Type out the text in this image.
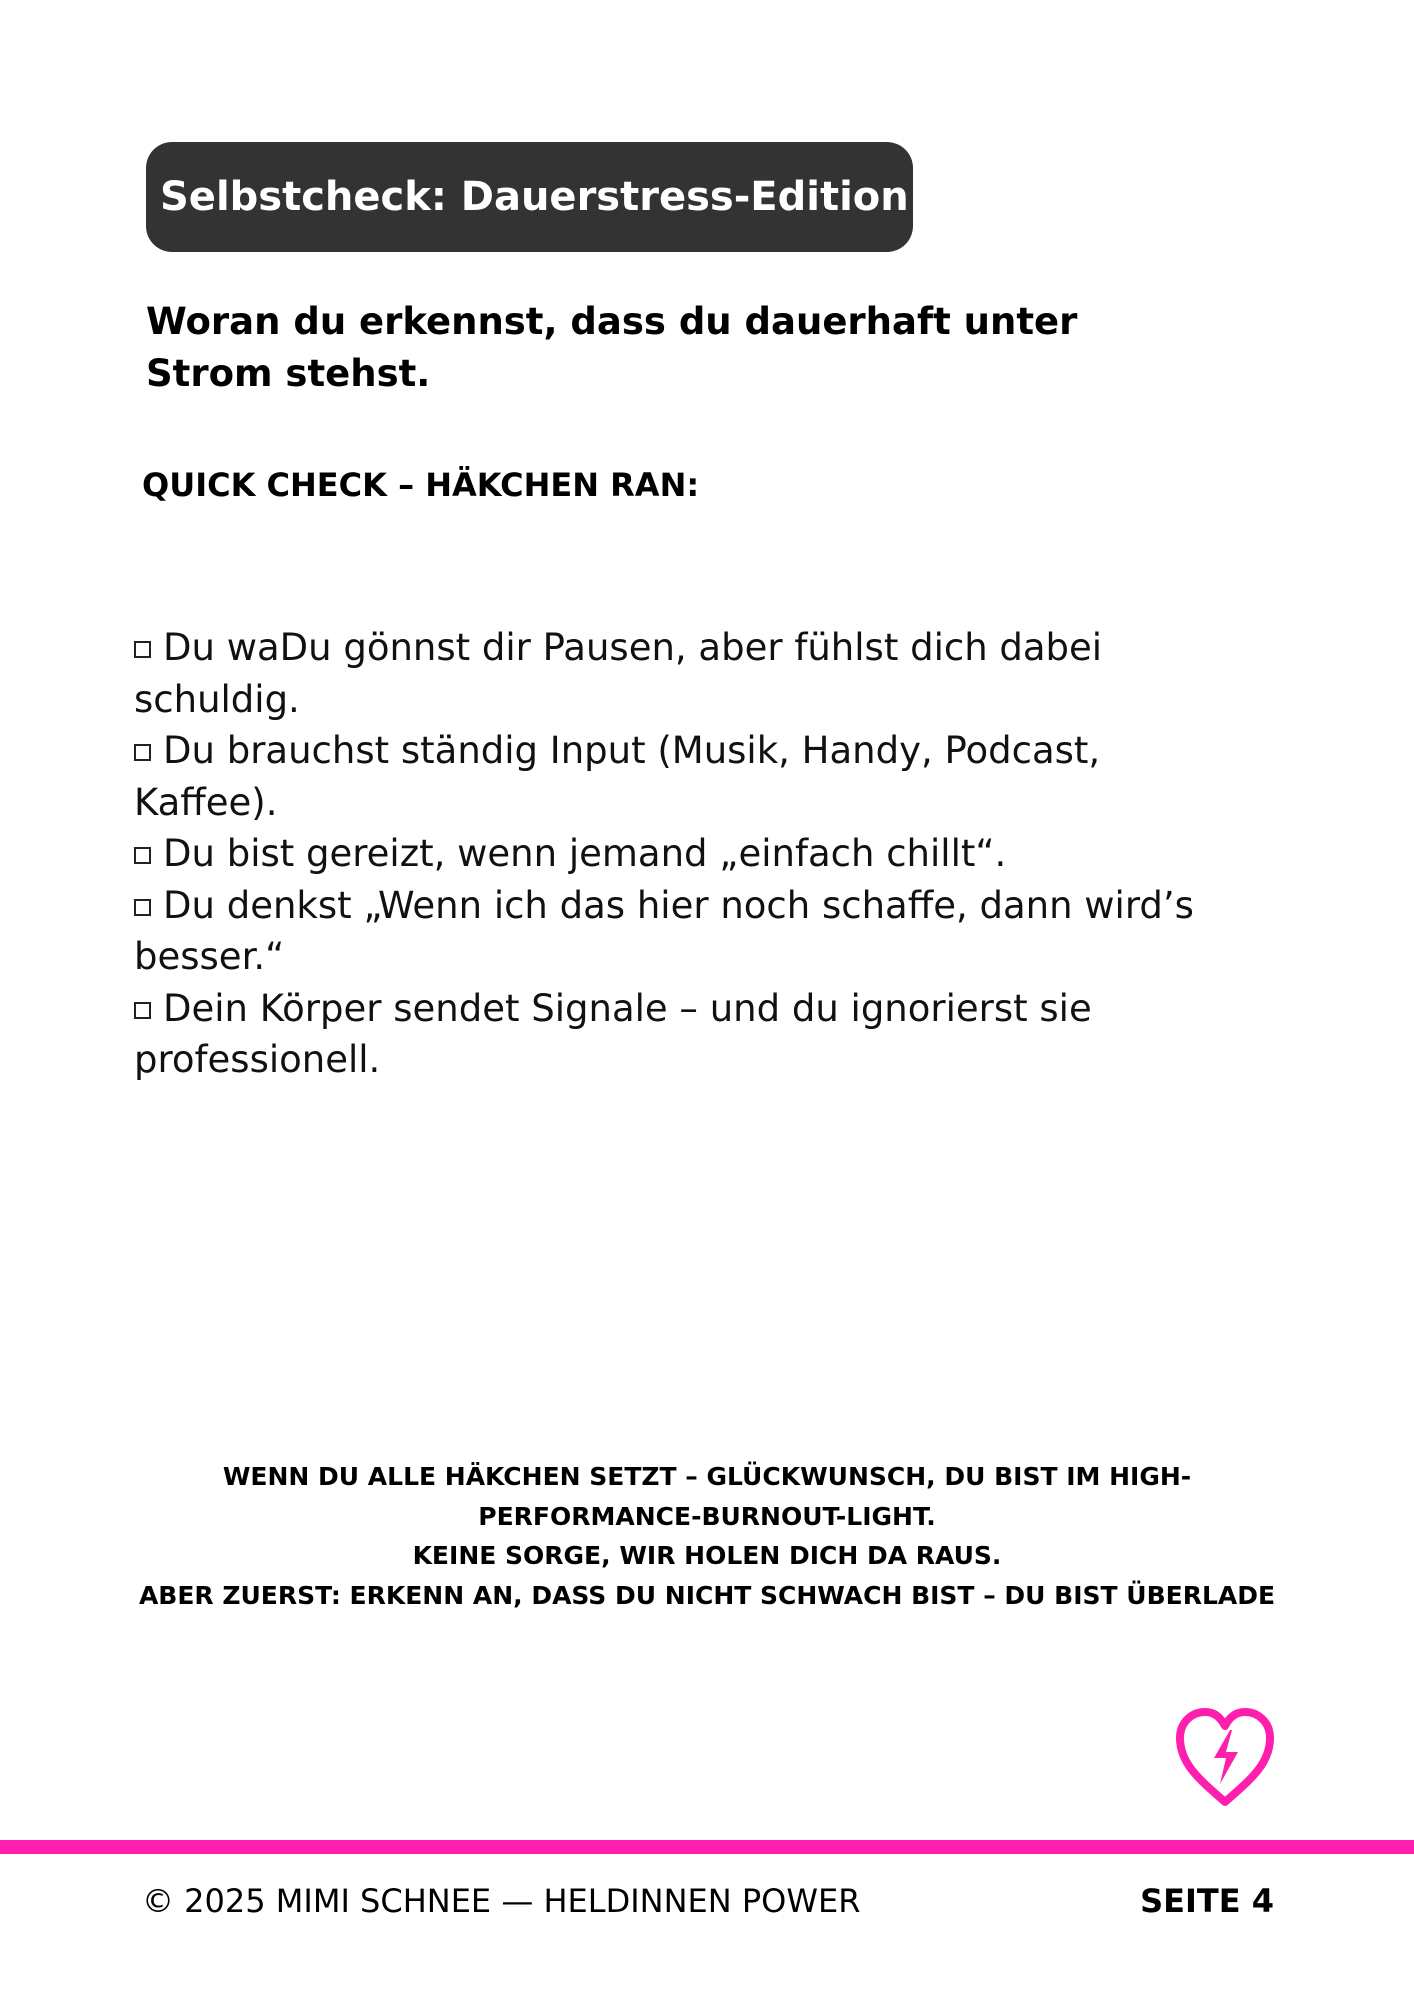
Selbstcheck: Dauerstress-Edition
Woran du erkennst, dass du dauerhaft unter Strom stehst.
QUICK CHECK – HÄKCHEN RAN:
Du waDu gönnst dir Pausen, aber fühlst dich dabei schuldig.
Du brauchst ständig Input (Musik, Handy, Podcast, Kaffee).
Du bist gereizt, wenn jemand „einfach chillt“.
Du denkst „Wenn ich das hier noch schaffe, dann wird’s besser.“
Dein Körper sendet Signale – und du ignorierst sie professionell.
WENN DU ALLE HÄKCHEN SETZT – GLÜCKWUNSCH, DU BIST IM HIGH-
PERFORMANCE-BURNOUT-LIGHT.
KEINE SORGE, WIR HOLEN DICH DA RAUS.
ABER ZUERST: ERKENN AN, DASS DU NICHT SCHWACH BIST – DU BIST ÜBERLADE
© 2025 MIMI SCHNEE — HELDINNEN POWER	SEITE 4
